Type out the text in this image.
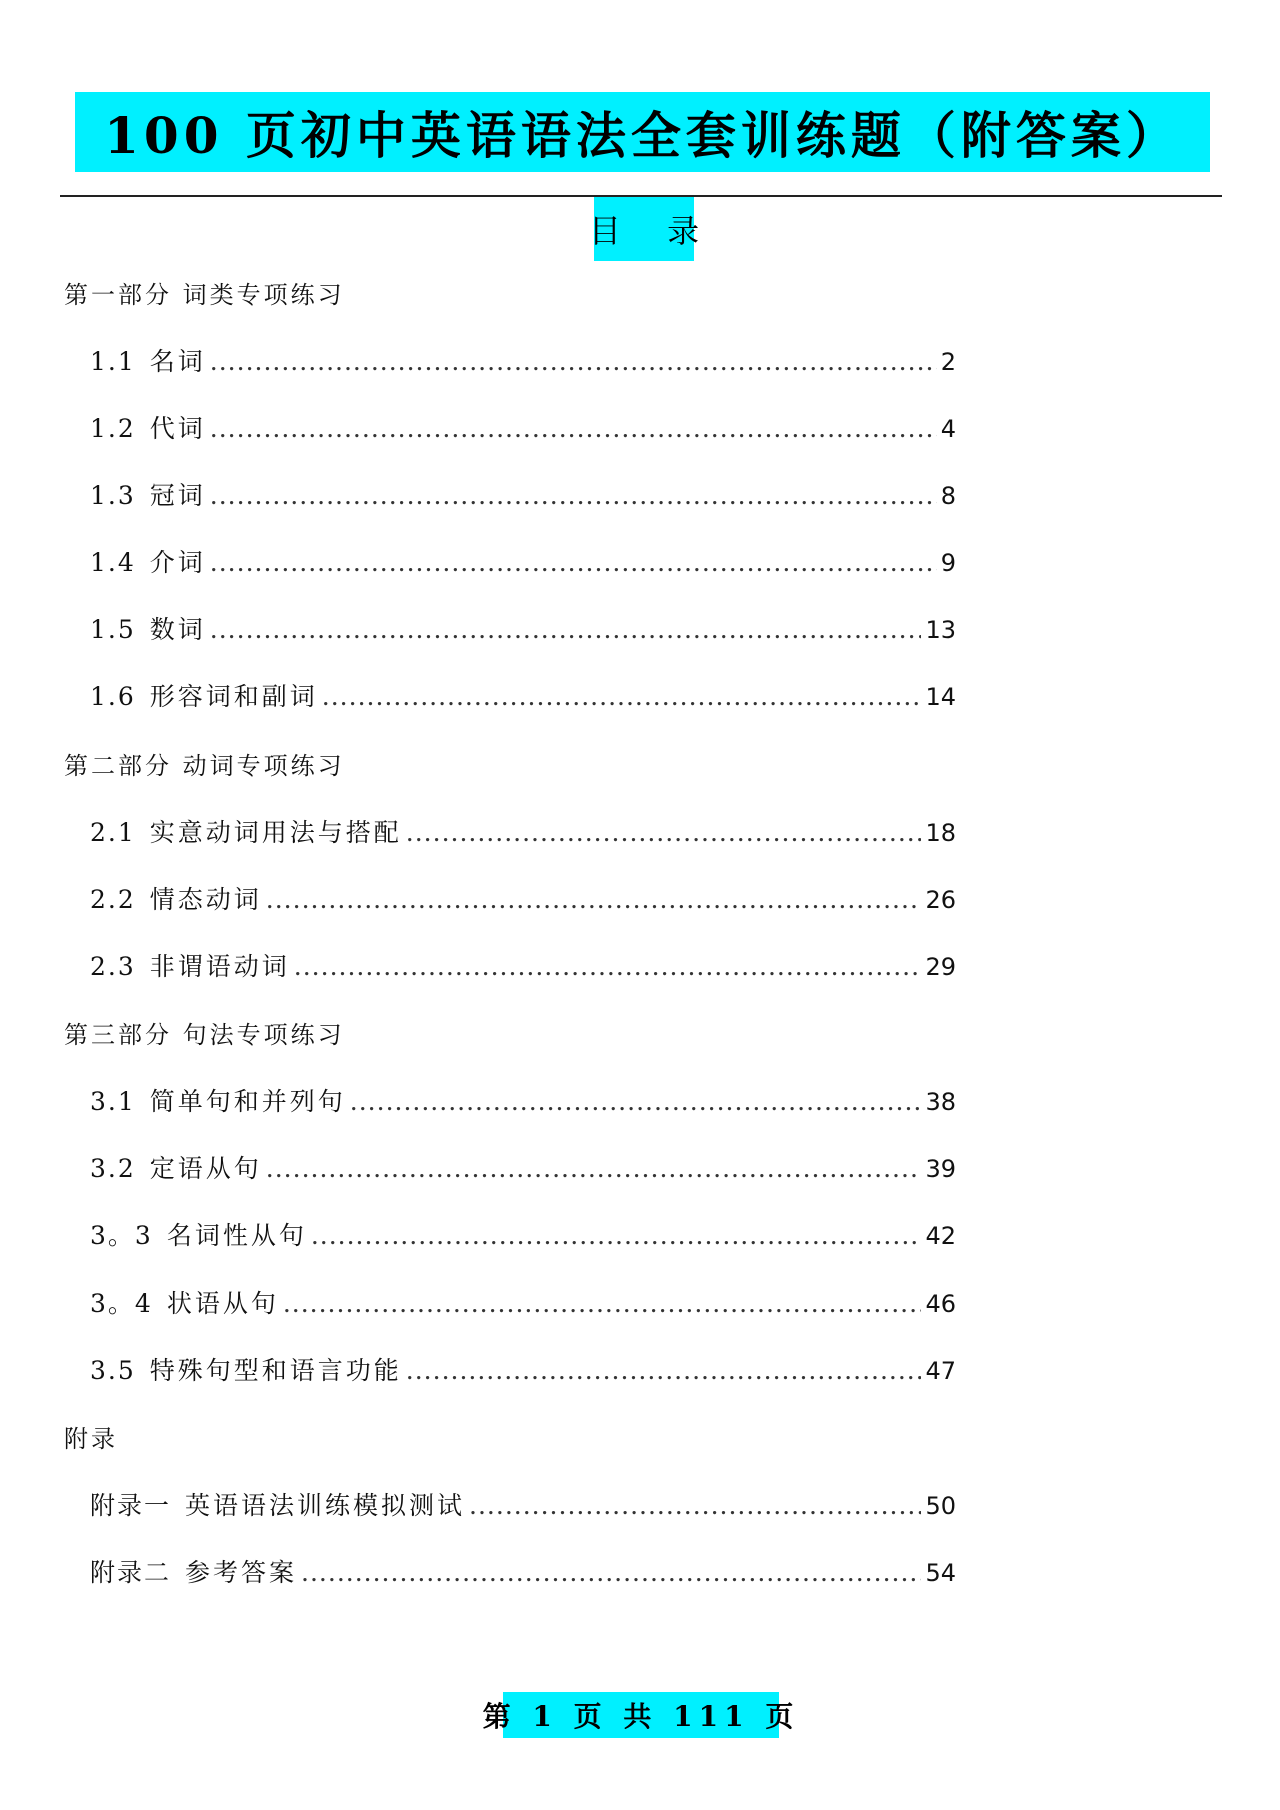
100 页初中英语语法全套训练题（附答案）
目 录
第一部分 词类专项练习
1.1 名词 .....	2
1.2 代词 .....	4
1.3 冠词 .....	8
1.4 介词 .....	9
1.5 数词 .....	13
1.6 形容词和副词 .....	14
第二部分 动词专项练习
2.1 实意动词用法与搭配 .....	18
2.2 情态动词 .....	26
2.3 非谓语动词 .....	29
第三部分 句法专项练习
3.1 简单句和并列句 .....	38
3.2 定语从句 .....	39
3。3 名词性从句 .....	42
3。4 状语从句 .....	46
3.5 特殊句型和语言功能 .....	47
附录
附录一 英语语法训练模拟测试 .....	50
附录二 参考答案 .....	54
第 1 页 共 111 页
